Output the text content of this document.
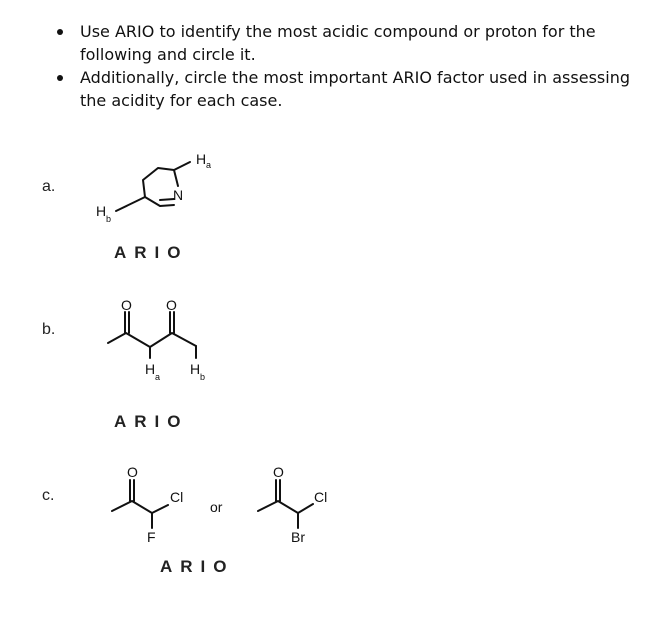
Use ARIO to identify the most acidic compound or proton for the following and circle it.
Additionally, circle the most important ARIO factor used in assessing the acidity for each case.
a.
b.
c.
ARIO
ARIO
ARIO
N
H a
H b
O O
H a H b
O
Cl
F
or
O
Cl
Br
